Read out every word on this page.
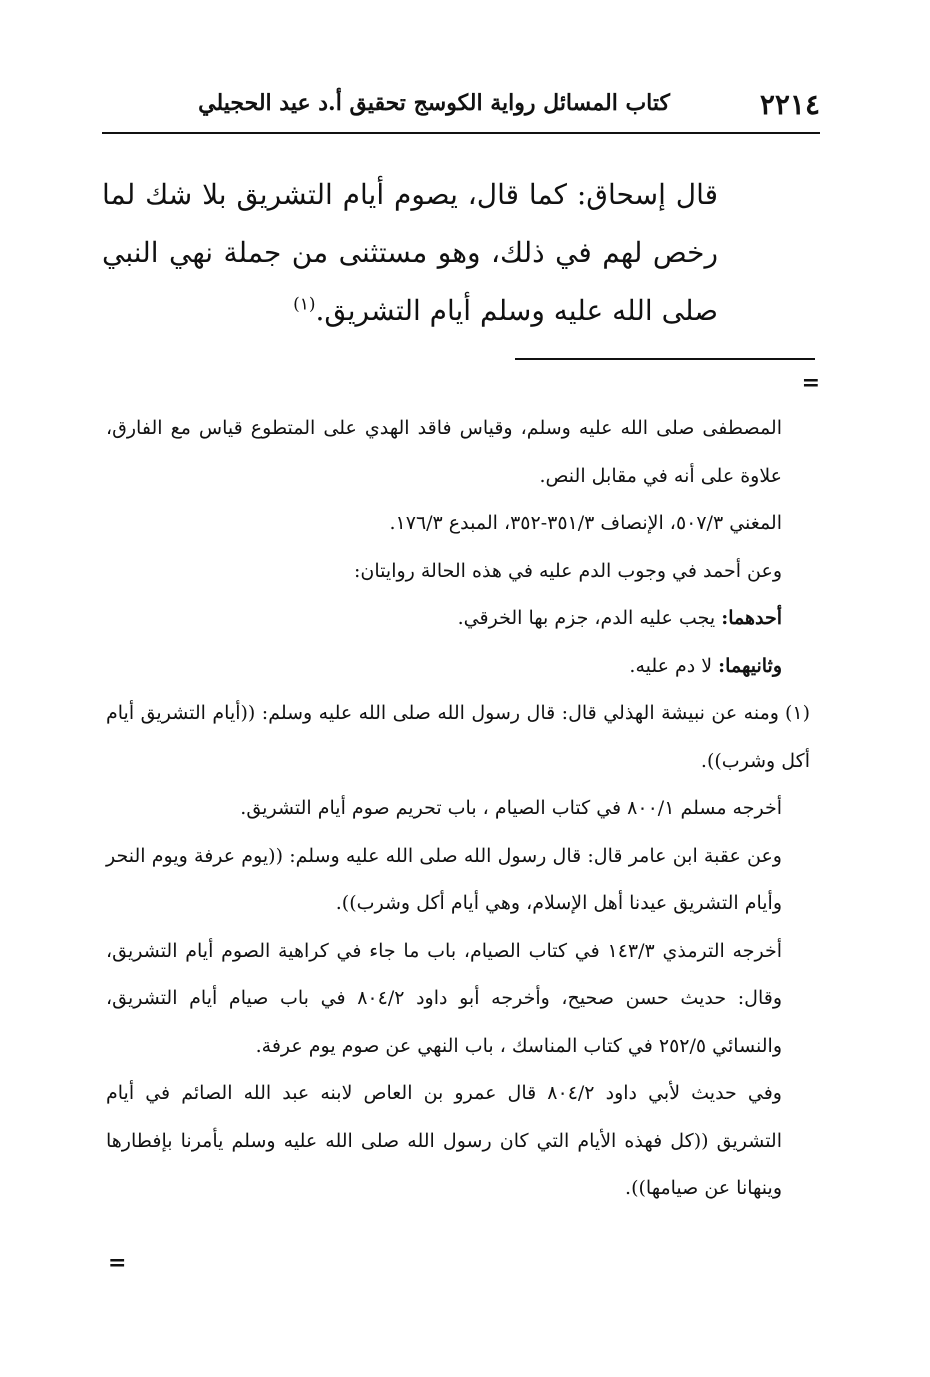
٢٢١٤
كتاب المسائل رواية الكوسج تحقيق أ.د عيد الحجيلي
قال إسحاق: كما قال، يصوم أيام التشريق بلا شك لما رخص لهم في ذلك، وهو مستثنى من جملة نهي النبي صلى الله عليه وسلم أيام التشريق.$^{(١)}$
=
المصطفى صلى الله عليه وسلم، وقياس فاقد الهدي على المتطوع قياس مع الفارق، علاوة على أنه في مقابل النص.
المغني ٥٠٧/٣، الإنصاف ٣٥١/٣-٣٥٢، المبدع ١٧٦/٣.
وعن أحمد في وجوب الدم عليه في هذه الحالة روايتان:
أحدهما: يجب عليه الدم، جزم بها الخرقي.
وثانيهما: لا دم عليه.
(١)ومنه عن نبيشة الهذلي قال: قال رسول الله صلى الله عليه وسلم: ((أيام التشريق أيام أكل وشرب)).
أخرجه مسلم ٨٠٠/١ في كتاب الصيام ، باب تحريم صوم أيام التشريق.
وعن عقبة ابن عامر قال: قال رسول الله صلى الله عليه وسلم: ((يوم عرفة ويوم النحر وأيام التشريق عيدنا أهل الإسلام، وهي أيام أكل وشرب)).
أخرجه الترمذي ١٤٣/٣ في كتاب الصيام، باب ما جاء في كراهية الصوم أيام التشريق، وقال: حديث حسن صحيح، وأخرجه أبو داود ٨٠٤/٢ في باب صيام أيام التشريق، والنسائي ٢٥٢/٥ في كتاب المناسك ، باب النهي عن صوم يوم عرفة.
وفي حديث لأبي داود ٨٠٤/٢ قال عمرو بن العاص لابنه عبد الله الصائم في أيام التشريق ((كل فهذه الأيام التي كان رسول الله صلى الله عليه وسلم يأمرنا بإفطارها وينهانا عن صيامها)).
=
